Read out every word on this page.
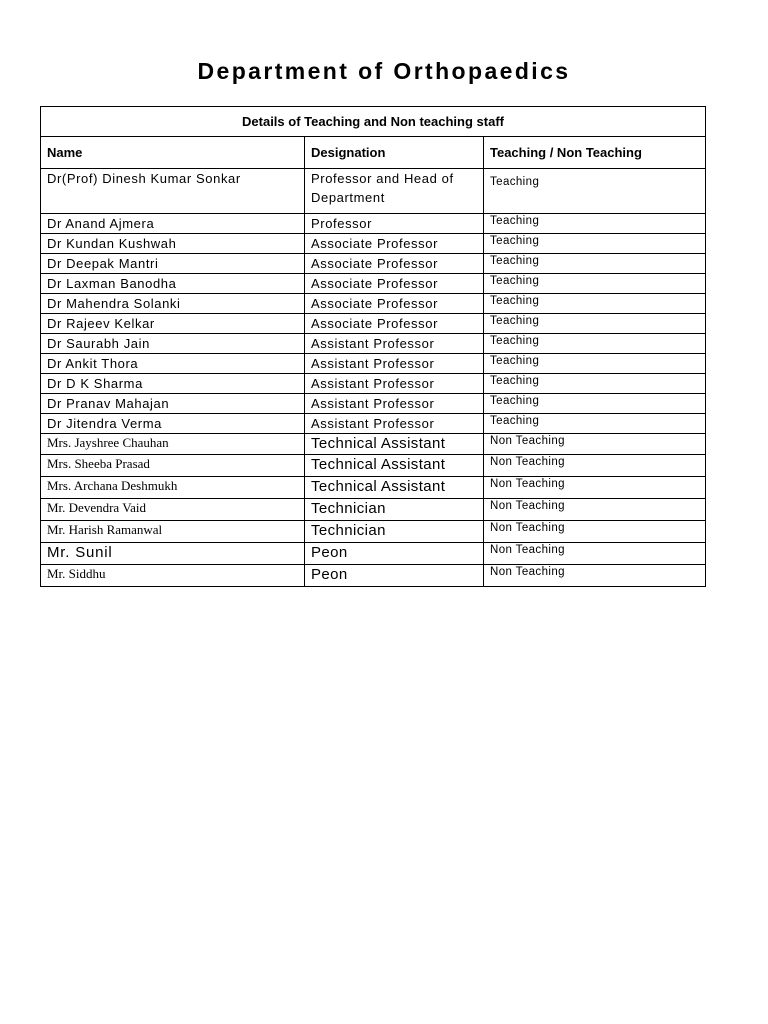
Department of Orthopaedics
Details of Teaching and Non teaching staff		
Name	Designation	Teaching / Non Teaching
Dr(Prof) Dinesh Kumar Sonkar	Professor and Head of Department	Teaching
Dr Anand Ajmera	Professor	Teaching
Dr Kundan Kushwah	Associate Professor	Teaching
Dr Deepak Mantri	Associate Professor	Teaching
Dr Laxman Banodha	Associate Professor	Teaching
Dr Mahendra Solanki	Associate Professor	Teaching
Dr Rajeev Kelkar	Associate Professor	Teaching
Dr Saurabh Jain	Assistant Professor	Teaching
Dr Ankit Thora	Assistant Professor	Teaching
Dr D K Sharma	Assistant Professor	Teaching
Dr Pranav Mahajan	Assistant Professor	Teaching
Dr Jitendra Verma	Assistant Professor	Teaching
Mrs. Jayshree Chauhan	Technical Assistant	Non Teaching
Mrs. Sheeba Prasad	Technical Assistant	Non Teaching
Mrs. Archana Deshmukh	Technical Assistant	Non Teaching
Mr. Devendra Vaid	Technician	Non Teaching
Mr. Harish Ramanwal	Technician	Non Teaching
Mr. Sunil	Peon	Non Teaching
Mr. Siddhu	Peon	Non Teaching
